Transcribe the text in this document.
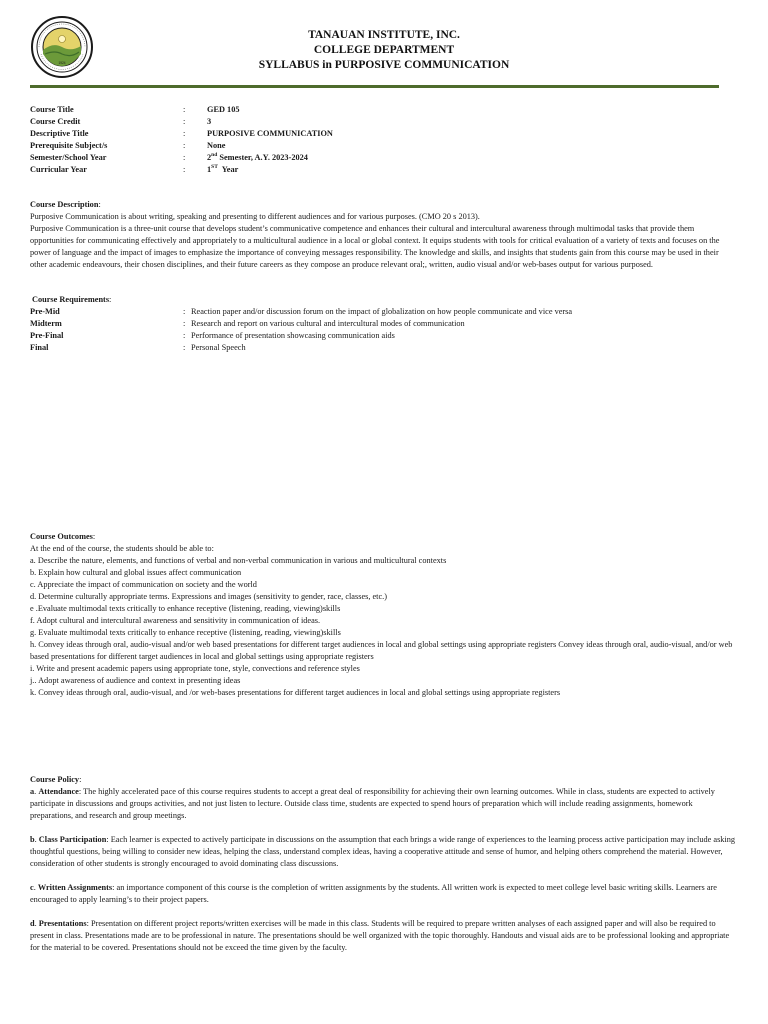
1924
TANAUAN INSTITUTE, INC.
COLLEGE DEPARTMENT
SYLLABUS in PURPOSIVE COMMUNICATION
Course Title	:	GED 105
Course Credit	:	3
Descriptive Title	:	PURPOSIVE COMMUNICATION
Prerequisite Subject/s	:	None
Semester/School Year	:	2nd Semester, A.Y. 2023-2024
Curricular Year	:	1ST  Year
Course Description:

Purposive Communication is about writing, speaking and presenting to different audiences and for various purposes. (CMO 20 s 2013).

Purposive Communication is a three-unit course that develops student’s communicative competence and enhances their cultural and intercultural awareness through multimodal tasks that provide them opportunities for communicating effectively and appropriately to a multicultural audience in a local or global context. It equips students with tools for critical evaluation of a variety of texts and focuses on the power of language and the impact of images to emphasize the importance of conveying messages responsibility. The knowledge and skills, and insights that students gain from this course may be used in their other academic endeavours, their chosen disciplines, and their future careers as they compose an produce relevant oral;, written, audio visual and/or web-bases output for various purposed.

Course Requirements:
Pre-Mid	: Reaction paper and/or discussion forum on the impact of globalization on how people communicate and vice versa
Midterm	: Research and report on various cultural and intercultural modes of communication
Pre-Final	: Performance of presentation showcasing communication aids
Final	: Personal Speech
Course Outcomes:
At the end of the course, the students should be able to:
a. Describe the nature, elements, and functions of verbal and non-verbal communication in various and multicultural contexts
b. Explain how cultural and global issues affect communication
c. Appreciate the impact of communication on society and the world
d. Determine culturally appropriate terms. Expressions and images (sensitivity to gender, race, classes, etc.)
e .Evaluate multimodal texts critically to enhance receptive (listening, reading, viewing)skills
f. Adopt cultural and intercultural awareness and sensitivity in communication of ideas.
g. Evaluate multimodal texts critically to enhance receptive (listening, reading, viewing)skills
h. Convey ideas through oral, audio-visual and/or web based presentations for different target audiences in local and global settings using appropriate registers Convey ideas through oral, audio-visual, and/or web based presentations for different target audiences in local and global settings using appropriate registers
i. Write and present academic papers using appropriate tone, style, convections and reference styles
j.. Adopt awareness of audience and context in presenting ideas
k. Convey ideas through oral, audio-visual, and /or web-bases presentations for different target audiences in local and global settings using appropriate registers
Course Policy:

a. Attendance: The highly accelerated pace of this course requires students to accept a great deal of responsibility for achieving their own learning outcomes. While in class, students are expected to actively participate in discussions and groups activities, and not just listen to lecture. Outside class time, students are expected to spend hours of preparation which will include reading assignments, homework preparations, and research and group meetings.

b. Class Participation: Each learner is expected to actively participate in discussions on the assumption that each brings a wide range of experiences to the learning process active participation may include asking thoughtful questions, being willing to consider new ideas, helping the class, understand complex ideas, having a cooperative attitude and sense of humor, and helping others comprehend the material. However, consideration of other students is strongly encouraged to avoid dominating class discussions.

c. Written Assignments: an importance component of this course is the completion of written assignments by the students. All written work is expected to meet college level basic writing skills. Learners are encouraged to apply learning’s to their project papers.

d. Presentations: Presentation on different project reports/written exercises will be made in this class. Students will be required to prepare written analyses of each assigned paper and will also be required to present in class. Presentations made are to be professional in nature. The presentations should be well organized with the topic thoroughly. Handouts and visual aids are to be professional looking and appropriate for the material to be covered. Presentations should not be exceed the time given by the faculty.
